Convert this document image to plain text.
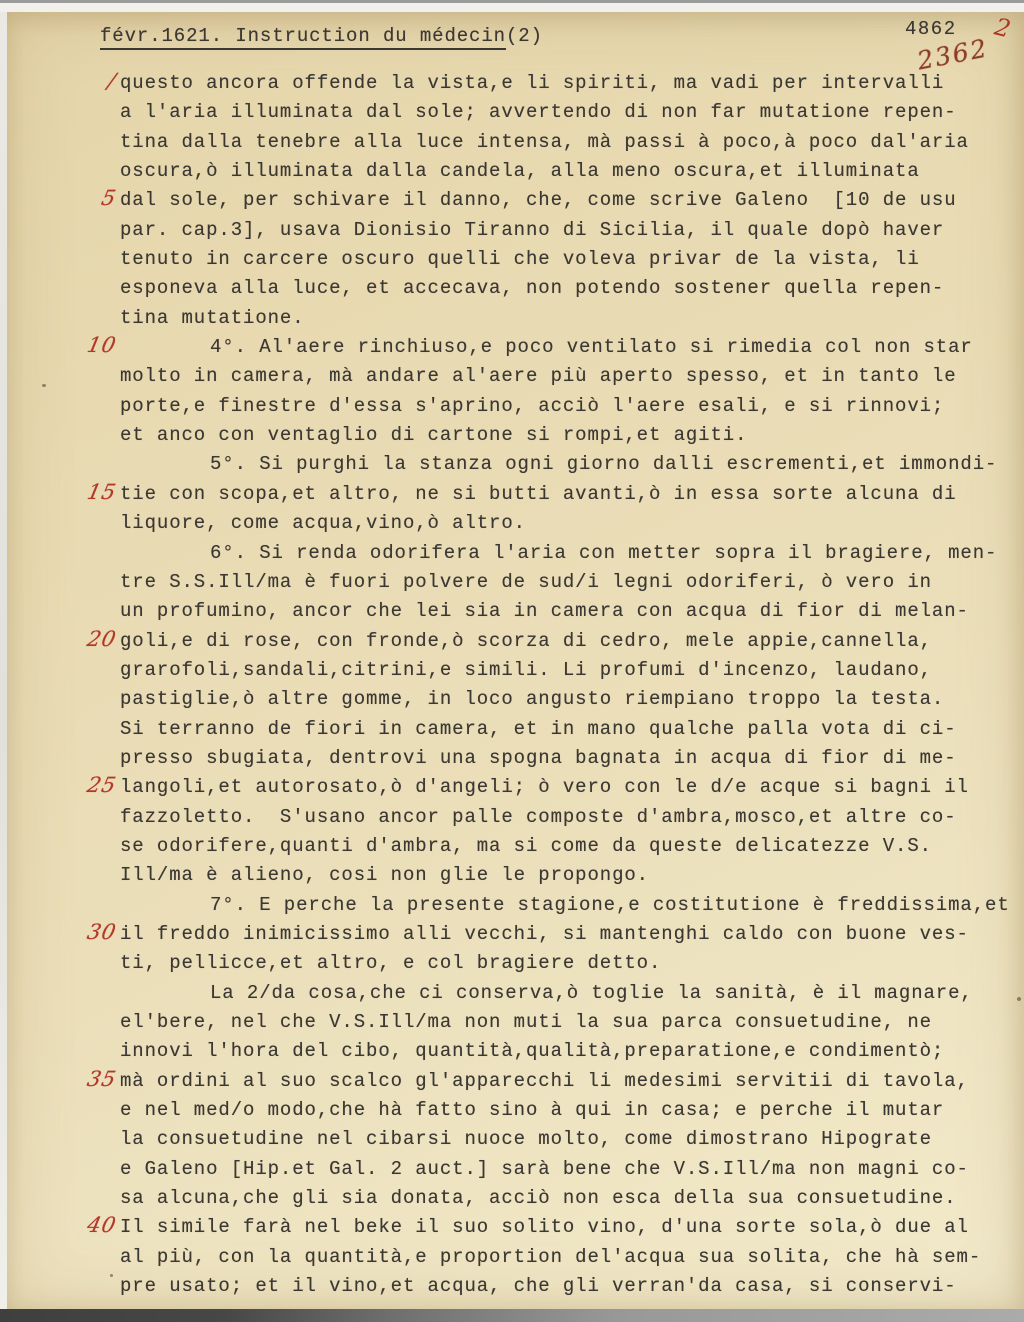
févr.1621. Instruction du médecin(2)	4862
2362
2
/ questo ancora offende la vista,e li spiriti, ma vadi per intervalli
a l'aria illuminata dal sole; avvertendo di non far mutatione repen-
tina dalla tenebre alla luce intensa, mà passi à poco,à poco dal'aria
oscura,ò illuminata dalla candela, alla meno oscura,et illuminata
5 dal sole, per schivare il danno, che, come scrive Galeno  [10 de usu
par. cap.3], usava Dionisio Tiranno di Sicilia, il quale dopò haver
tenuto in carcere oscuro quelli che voleva privar de la vista, li
esponeva alla luce, et accecava, non potendo sostener quella repen-
tina mutatione.
10	4°. Al'aere rinchiuso,e poco ventilato si rimedia col non star
molto in camera, mà andare al'aere più aperto spesso, et in tanto le
porte,e finestre d'essa s'aprino, acciò l'aere esali, e si rinnovi;
et anco con ventaglio di cartone si rompi,et agiti.
5°. Si purghi la stanza ogni giorno dalli escrementi,et immondi-
15 tie con scopa,et altro, ne si butti avanti,ò in essa sorte alcuna di
liquore, come acqua,vino,ò altro.
6°. Si renda odorifera l'aria con metter sopra il bragiere, men-
tre S.S.Ill/ma è fuori polvere de sud/i legni odoriferi, ò vero in
un profumino, ancor che lei sia in camera con acqua di fior di melan-
20 goli,e di rose, con fronde,ò scorza di cedro, mele appie,cannella,
grarofoli,sandali,citrini,e simili. Li profumi d'incenzo, laudano,
pastiglie,ò altre gomme, in loco angusto riempiano troppo la testa.
Si terranno de fiori in camera, et in mano qualche palla vota di ci-
presso sbugiata, dentrovi una spogna bagnata in acqua di fior di me-
25 langoli,et autorosato,ò d'angeli; ò vero con le d/e acque si bagni il
fazzoletto.  S'usano ancor palle composte d'ambra,mosco,et altre co-
se odorifere,quanti d'ambra, ma si come da queste delicatezze V.S.
Ill/ma è alieno, cosi non glie le propongo.
7°. E perche la presente stagione,e costitutione è freddissima,et
30 il freddo inimicissimo alli vecchi, si mantenghi caldo con buone ves-
ti, pellicce,et altro, e col bragiere detto.
La 2/da cosa,che ci conserva,ò toglie la sanità, è il magnare,
el'bere, nel che V.S.Ill/ma non muti la sua parca consuetudine, ne
innovi l'hora del cibo, quantità,qualità,preparatione,e condimentò;
35 mà ordini al suo scalco gl'apparecchi li medesimi servitii di tavola,
e nel med/o modo,che hà fatto sino à qui in casa; e perche il mutar
la consuetudine nel cibarsi nuoce molto, come dimostrano Hipograte
e Galeno [Hip.et Gal. 2 auct.] sarà bene che V.S.Ill/ma non magni co-
sa alcuna,che gli sia donata, acciò non esca della sua consuetudine.
40 Il simile farà nel beke il suo solito vino, d'una sorte sola,ò due al
al più, con la quantità,e proportion del'acqua sua solita, che hà sem-
pre usato; et il vino,et acqua, che gli verran'da casa, si conservi-
